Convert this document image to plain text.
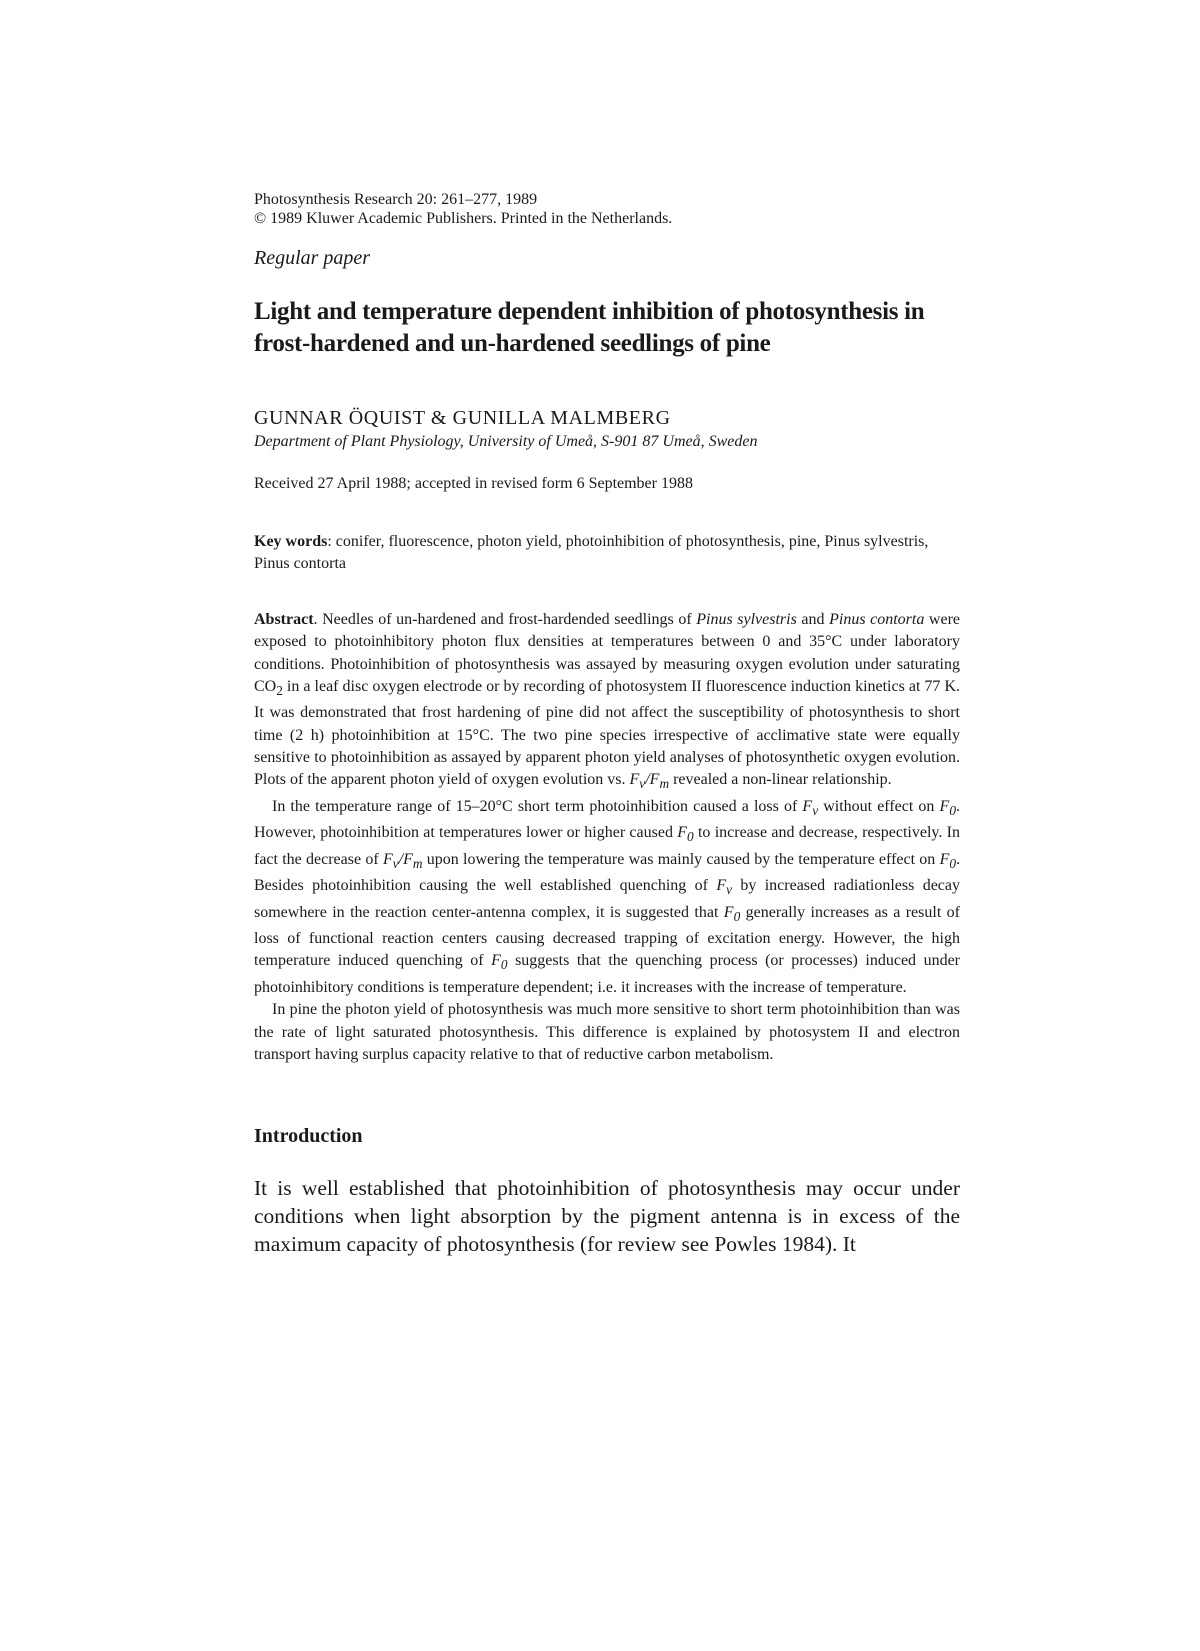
Photosynthesis Research 20: 261–277, 1989
© 1989 Kluwer Academic Publishers. Printed in the Netherlands.
Regular paper
Light and temperature dependent inhibition of photosynthesis in frost-hardened and un-hardened seedlings of pine
GUNNAR ÖQUIST & GUNILLA MALMBERG
Department of Plant Physiology, University of Umeå, S-901 87 Umeå, Sweden
Received 27 April 1988; accepted in revised form 6 September 1988
Key words: conifer, fluorescence, photon yield, photoinhibition of photosynthesis, pine, Pinus sylvestris, Pinus contorta

Abstract. Needles of un-hardened and frost-hardended seedlings of Pinus sylvestris and Pinus contorta were exposed to photoinhibitory photon flux densities at temperatures between 0 and 35°C under laboratory conditions. Photoinhibition of photosynthesis was assayed by measuring oxygen evolution under saturating $CO_2$ in a leaf disc oxygen electrode or by recording of photosystem II fluorescence induction kinetics at 77 K. It was demonstrated that frost hardening of pine did not affect the susceptibility of photosynthesis to short time (2 h) photoinhibition at 15°C. The two pine species irrespective of acclimative state were equally sensitive to photoinhibition as assayed by apparent photon yield analyses of photosynthetic oxygen evolution. Plots of the apparent photon yield of oxygen evolution vs. $F_v/F_m$ revealed a non-linear relationship.

In the temperature range of 15–20°C short term photoinhibition caused a loss of $F_v$ without effect on $F_0$. However, photoinhibition at temperatures lower or higher caused $F_0$ to increase and decrease, respectively. In fact the decrease of $F_v/F_m$ upon lowering the temperature was mainly caused by the temperature effect on $F_0$. Besides photoinhibition causing the well established quenching of $F_v$ by increased radiationless decay somewhere in the reaction center-antenna complex, it is suggested that $F_0$ generally increases as a result of loss of functional reaction centers causing decreased trapping of excitation energy. However, the high temperature induced quenching of $F_0$ suggests that the quenching process (or processes) induced under photoinhibitory conditions is temperature dependent; i.e. it increases with the increase of temperature.

In pine the photon yield of photosynthesis was much more sensitive to short term photoinhibition than was the rate of light saturated photosynthesis. This difference is explained by photosystem II and electron transport having surplus capacity relative to that of reductive carbon metabolism.

Introduction

It is well established that photoinhibition of photosynthesis may occur under conditions when light absorption by the pigment antenna is in excess of the maximum capacity of photosynthesis (for review see Powles 1984). It
